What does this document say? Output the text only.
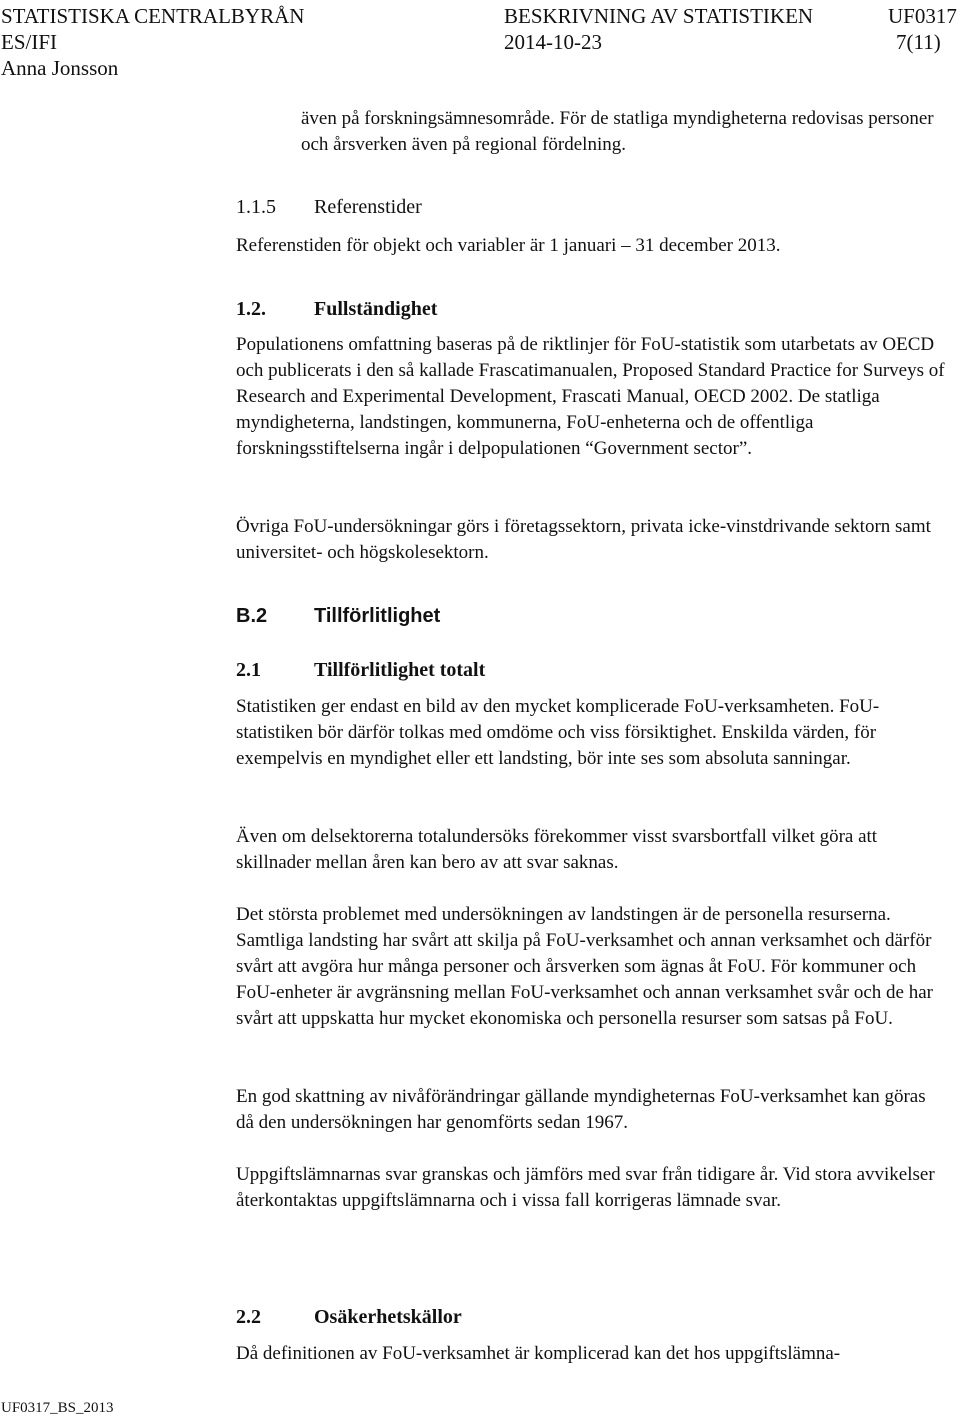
STATISTISKA CENTRALBYRÅN	BESKRIVNING AV STATISTIKEN	UF0317
ES/IFI	2014-10-23	7(11)
Anna Jonsson
även på forskningsämnesområde. För de statliga myndigheterna redovisas personer och årsverken även på regional fördelning.
1.1.5 Referenstider
Referenstiden för objekt och variabler är 1 januari – 31 december 2013.
1.2. Fullständighet
Populationens omfattning baseras på de riktlinjer för FoU-statistik som utarbetats av OECD och publicerats i den så kallade Frascatimanualen, Proposed Standard Practice for Surveys of Research and Experimental Development, Frascati Manual, OECD 2002. De statliga myndigheterna, landstingen, kommunerna, FoU-enheterna och de offentliga forskningsstiftelserna ingår i delpopulationen “Government sector”.
Övriga FoU-undersökningar görs i företagssektorn, privata icke-vinstdrivande sektorn samt universitet- och högskolesektorn.
B.2 Tillförlitlighet
2.1	Tillförlitlighet totalt
Statistiken ger endast en bild av den mycket komplicerade FoU-verksamheten. FoU-statistiken bör därför tolkas med omdöme och viss försiktighet. Enskilda värden, för exempelvis en myndighet eller ett landsting, bör inte ses som absoluta sanningar.
Även om delsektorerna totalundersöks förekommer visst svarsbortfall vilket göra att skillnader mellan åren kan bero av att svar saknas.
Det största problemet med undersökningen av landstingen är de personella resurserna. Samtliga landsting har svårt att skilja på FoU-verksamhet och annan verksamhet och därför svårt att avgöra hur många personer och årsverken som ägnas åt FoU. För kommuner och FoU-enheter är avgränsning mellan FoU-verksamhet och annan verksamhet svår och de har svårt att uppskatta hur mycket ekonomiska och personella resurser som satsas på FoU.
En god skattning av nivåförändringar gällande myndigheternas FoU-verksamhet kan göras då den undersökningen har genomförts sedan 1967.
Uppgiftslämnarnas svar granskas och jämförs med svar från tidigare år. Vid stora avvikelser återkontaktas uppgiftslämnarna och i vissa fall korrigeras lämnade svar.
2.2	Osäkerhetskällor
Då definitionen av FoU-verksamhet är komplicerad kan det hos uppgiftslämna-
UF0317_BS_2013
